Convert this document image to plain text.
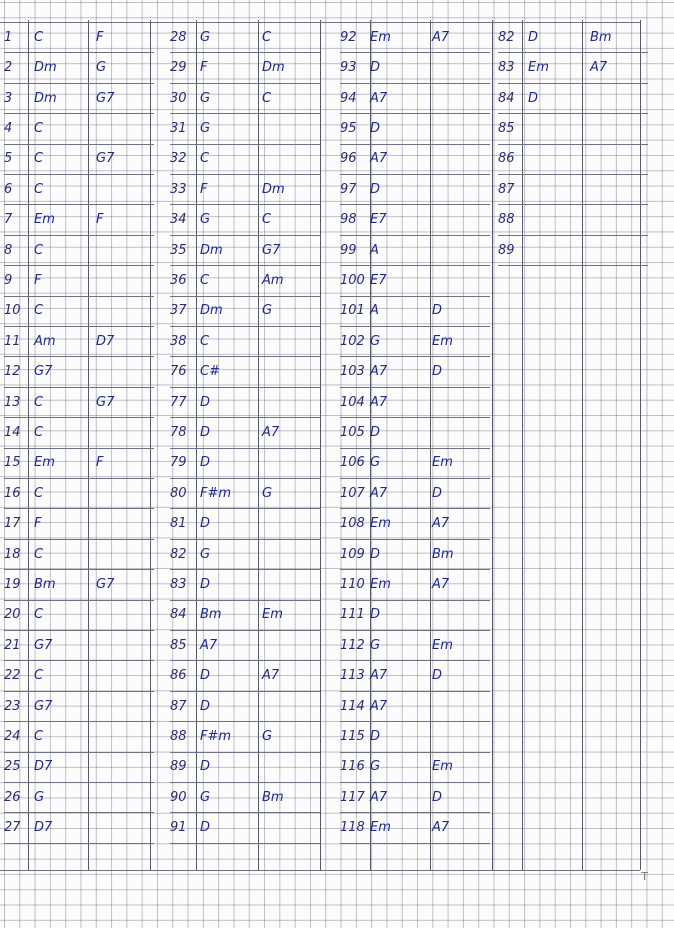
1	C	F
2	Dm	G
3	Dm	G7
4	C
5	C	G7
6	C
7	Em	F
8	C
9	F
10	C
11	Am	D7
12	G7
13	C	G7
14	C
15	Em	F
16	C
17	F
18	C
19	Bm	G7
20	C
21	G7
22	C
23	G7
24	C
25	D7
26	G
27	D7
28	G	C
29	F	Dm
30	G	C
31	G
32	C
33	F	Dm
34	G	C
35	Dm	G7
36	C	Am
37	Dm	G
38	C
76	C#
77	D
78	D	A7
79	D
80	F#m	G
81	D
82	G
83	D
84	Bm	Em
85	A7
86	D	A7
87	D
88	F#m	G
89	D
90	G	Bm
91	D
92	Em	A7
93	D
94	A7
95	D
96	A7
97	D
98	E7
99	A
100 E7
101 A	D
102 G	Em
103 A7	D
104 A7
105 D
106 G	Em
107 A7	D
108 Em	A7
109 D	Bm
110 Em	A7
111 D
112 G	Em
113 A7	D
114 A7
115 D
116 G	Em
117 A7	D
118 Em	A7
82	D	Bm
83	Em	A7
84	D
85
86
87
88
89
T
